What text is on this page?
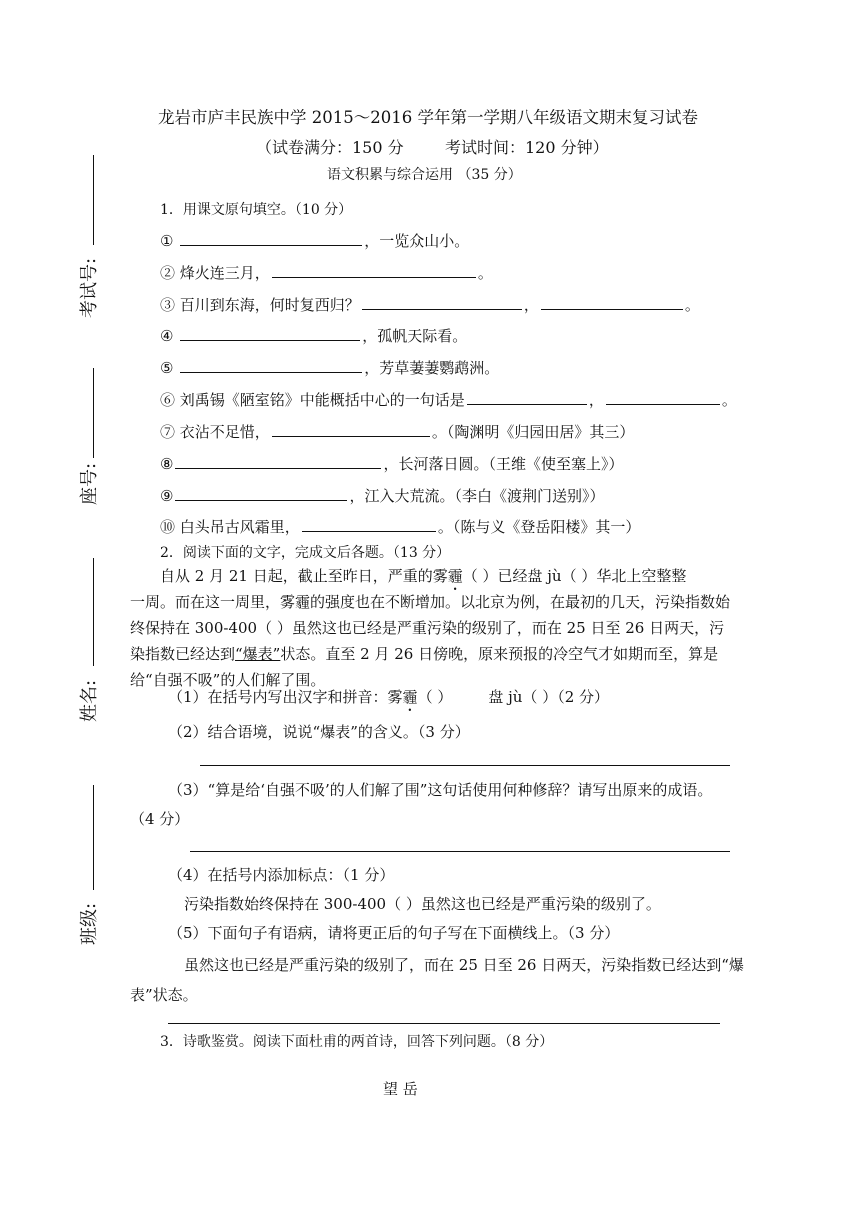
龙岩市庐丰民族中学 2015～2016 学年第一学期八年级语文期末复习试卷
（试卷满分：150 分	考试时间：120 分钟）
语文积累与综合运用 （35 分）
考试号:
座号:
姓名:
班级:
1．用课文原句填空。（10 分）
①	，一览众山小。
② 烽火连三月，	。
③ 百川到东海，何时复西归？	，	。
④	，孤帆天际看。
⑤	，芳草萋萋鹦鹉洲。
⑥ 刘禹锡《陋室铭》中能概括中心的一句话是	，	。
⑦ 衣沾不足惜，	。（陶渊明《归园田居》其三）
⑧	，长河落日圆。（王维《使至塞上》）
⑨	，江入大荒流。（李白《渡荆门送别》）
⑩ 白头吊古风霜里，	。（陈与义《登岳阳楼》其一）
2．阅读下面的文字，完成文后各题。（13 分）
自从 2 月 21 日起，截止至昨日，严重的雾霾（ ）已经盘 jù（ ）华北上空整整
一周。而在这一周里，雾霾的强度也在不断增加。以北京为例，在最初的几天，污染指数始
终保持在 300-400（ ）虽然这也已经是严重污染的级别了，而在 25 日至 26 日两天，污
染指数已经达到“爆表”状态。直至 2 月 26 日傍晚，原来预报的冷空气才如期而至，算是
给“自强不吸”的人们解了围。
（1）在括号内写出汉字和拼音：雾霾（ ） 盘 jù（ ）（2 分）
（2）结合语境，说说“爆表”的含义。（3 分）
（3）“算是给‘自强不吸’的人们解了围”这句话使用何种修辞？请写出原来的成语。
（4 分）
（4）在括号内添加标点：（1 分）
污染指数始终保持在 300-400（ ）虽然这也已经是严重污染的级别了。
（5）下面句子有语病，请将更正后的句子写在下面横线上。（3 分）
虽然这也已经是严重污染的级别了，而在 25 日至 26 日两天，污染指数已经达到“爆
表”状态。
3．诗歌鉴赏。阅读下面杜甫的两首诗，回答下列问题。（8 分）
望 岳
